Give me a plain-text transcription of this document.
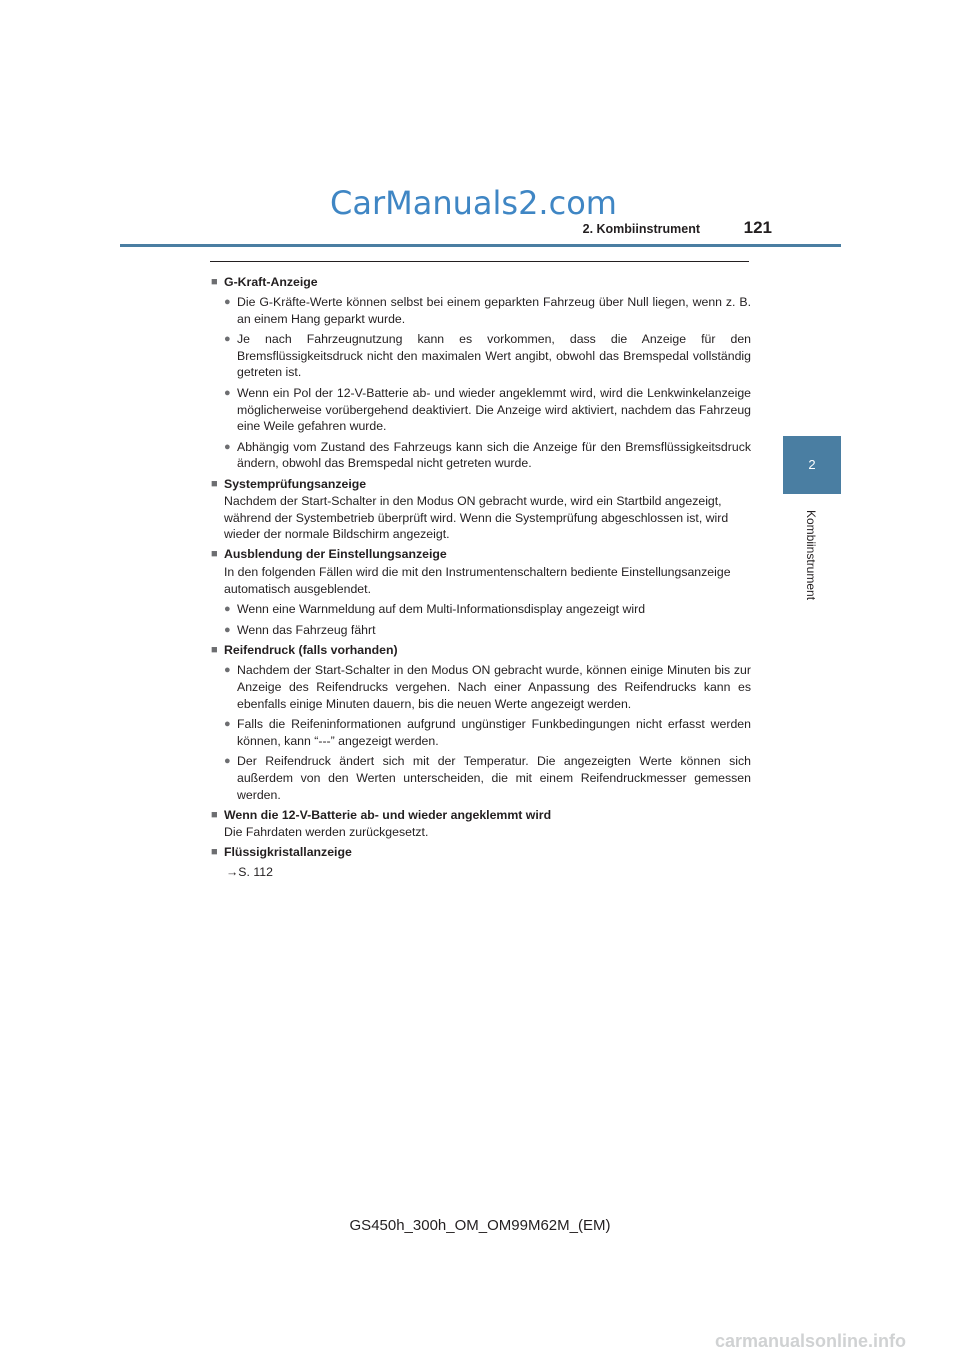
CarManuals2.com
2. Kombiinstrument	121
2
Kombiinstrument
■ G-Kraft-Anzeige
● Die G-Kräfte-Werte können selbst bei einem geparkten Fahrzeug über Null liegen, wenn z. B. an einem Hang geparkt wurde.
● Je nach Fahrzeugnutzung kann es vorkommen, dass die Anzeige für den Bremsflüssigkeitsdruck nicht den maximalen Wert angibt, obwohl das Bremspedal vollständig getreten ist.
● Wenn ein Pol der 12-V-Batterie ab- und wieder angeklemmt wird, wird die Lenkwinkelanzeige möglicherweise vorübergehend deaktiviert. Die Anzeige wird aktiviert, nachdem das Fahrzeug eine Weile gefahren wurde.
● Abhängig vom Zustand des Fahrzeugs kann sich die Anzeige für den Bremsflüssigkeitsdruck ändern, obwohl das Bremspedal nicht getreten wurde.
■ Systemprüfungsanzeige
Nachdem der Start-Schalter in den Modus ON gebracht wurde, wird ein Startbild angezeigt, während der Systembetrieb überprüft wird. Wenn die Systemprüfung abgeschlossen ist, wird wieder der normale Bildschirm angezeigt.
■ Ausblendung der Einstellungsanzeige
In den folgenden Fällen wird die mit den Instrumentenschaltern bediente Einstellungsanzeige automatisch ausgeblendet.
● Wenn eine Warnmeldung auf dem Multi-Informationsdisplay angezeigt wird
● Wenn das Fahrzeug fährt
■ Reifendruck (falls vorhanden)
● Nachdem der Start-Schalter in den Modus ON gebracht wurde, können einige Minuten bis zur Anzeige des Reifendrucks vergehen. Nach einer Anpassung des Reifendrucks kann es ebenfalls einige Minuten dauern, bis die neuen Werte angezeigt werden.
● Falls die Reifeninformationen aufgrund ungünstiger Funkbedingungen nicht erfasst werden können, kann “---” angezeigt werden.
● Der Reifendruck ändert sich mit der Temperatur. Die angezeigten Werte können sich außerdem von den Werten unterscheiden, die mit einem Reifendruckmesser gemessen werden.
■ Wenn die 12-V-Batterie ab- und wieder angeklemmt wird
Die Fahrdaten werden zurückgesetzt.
■ Flüssigkristallanzeige
→S. 112
GS450h_300h_OM_OM99M62M_(EM)
carmanualsonline.info
